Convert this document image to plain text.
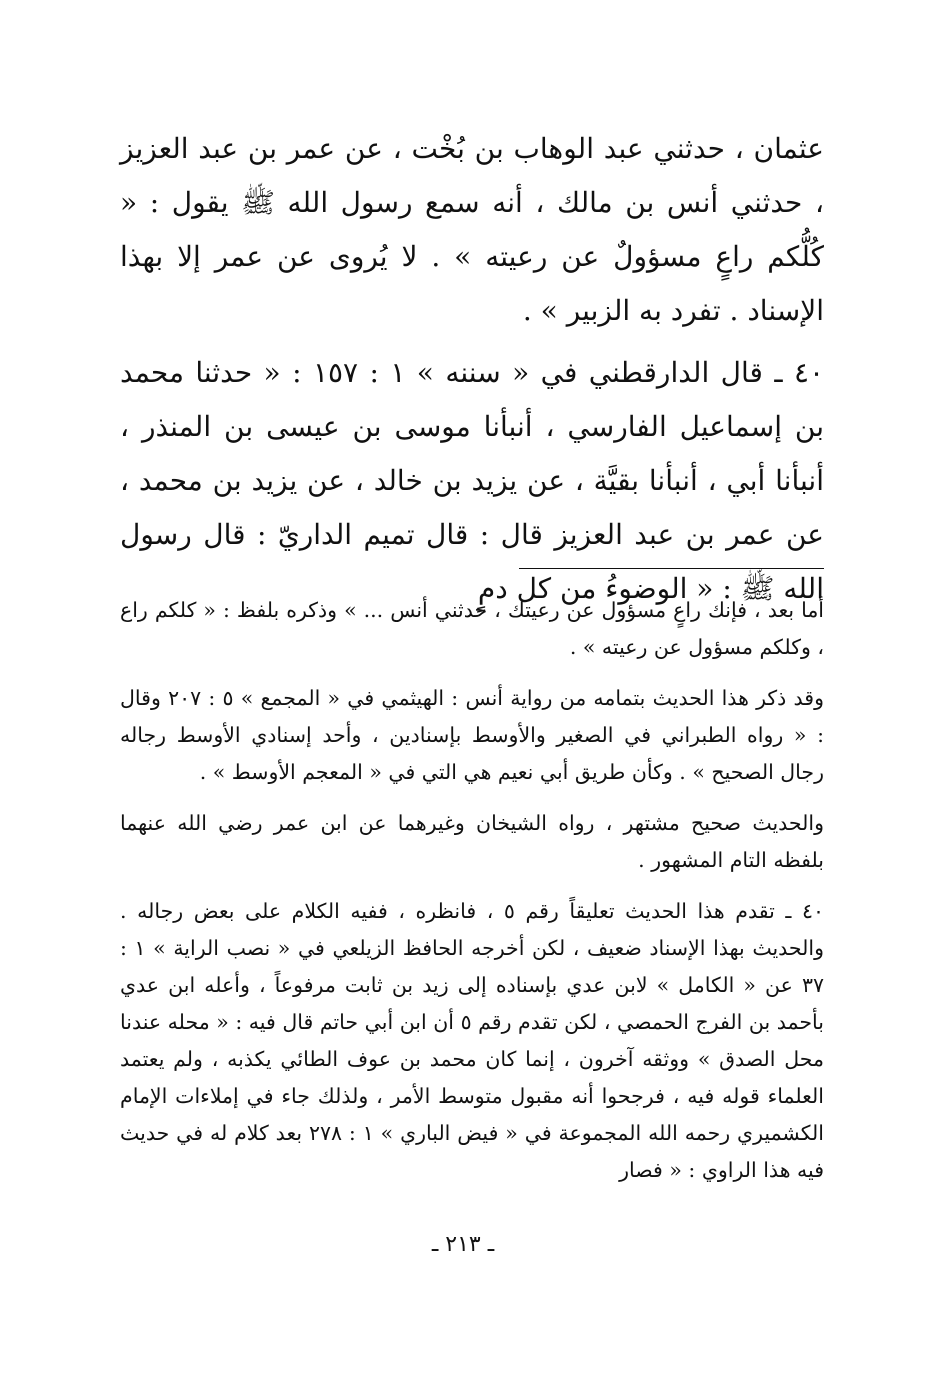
عثمان ، حدثني عبد الوهاب بن بُخْت ، عن عمر بن عبد العزيز ، حدثني أنس بن مالك ، أنه سمع رسول الله ﷺ يقول : « كُلُّكم راعٍ مسؤولٌ عن رعيته » . لا يُروى عن عمر إلا بهذا الإسناد . تفرد به الزبير » .

٤٠ ـ قال الدارقطني في « سننه » ١ : ١٥٧ : « حدثنا محمد بن إسماعيل الفارسي ، أنبأنا موسى بن عيسى بن المنذر ، أنبأنا أبي ، أنبأنا بقيَّة ، عن يزيد بن خالد ، عن يزيد بن محمد ، عن عمر بن عبد العزيز قال : قال تميم الداريّ : قال رسول الله ﷺ : « الوضوءُ من كل دمٍ

أما بعد ، فإنك راعٍ مسؤول عن رعيتك ، حدثني أنس ... » وذكره بلفظ : « كلكم راع ، وكلكم مسؤول عن رعيته » .

وقد ذكر هذا الحديث بتمامه من رواية أنس : الهيثمي في « المجمع » ٥ : ٢٠٧ وقال : « رواه الطبراني في الصغير والأوسط بإسنادين ، وأحد إسنادي الأوسط رجاله رجال الصحيح » . وكأن طريق أبي نعيم هي التي في « المعجم الأوسط » .

والحديث صحيح مشتهر ، رواه الشيخان وغيرهما عن ابن عمر رضي الله عنهما بلفظه التام المشهور .

٤٠ ـ تقدم هذا الحديث تعليقاً رقم ٥ ، فانظره ، ففيه الكلام على بعض رجاله . والحديث بهذا الإسناد ضعيف ، لكن أخرجه الحافظ الزيلعي في « نصب الراية » ١ : ٣٧ عن « الكامل » لابن عدي بإسناده إلى زيد بن ثابت مرفوعاً ، وأعله ابن عدي بأحمد بن الفرج الحمصي ، لكن تقدم رقم ٥ أن ابن أبي حاتم قال فيه : « محله عندنا محل الصدق » ووثقه آخرون ، إنما كان محمد بن عوف الطائي يكذبه ، ولم يعتمد العلماء قوله فيه ، فرجحوا أنه مقبول متوسط الأمر ، ولذلك جاء في إملاءات الإمام الكشميري رحمه الله المجموعة في « فيض الباري » ١ : ٢٧٨ بعد كلام له في حديث فيه هذا الراوي : « فصار

ـ ٢١٣ ـ
